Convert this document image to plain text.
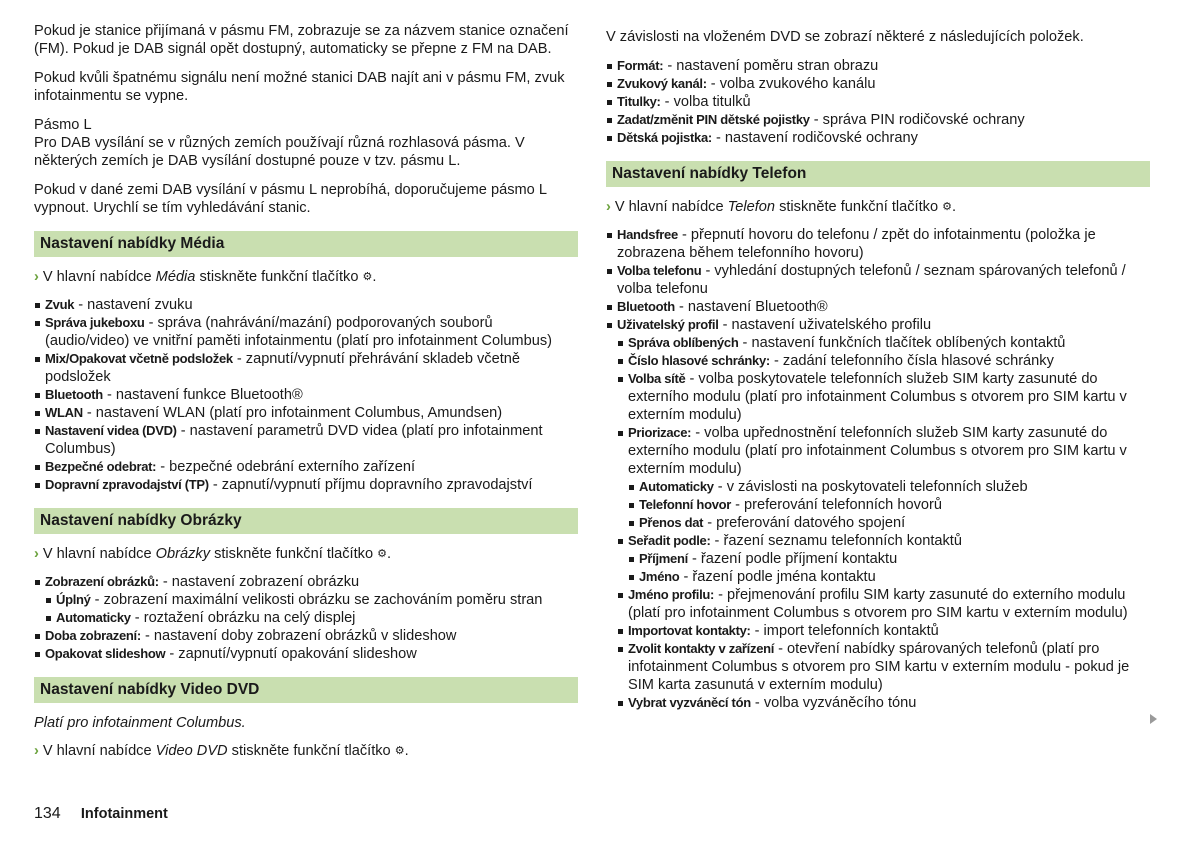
Pokud je stanice přijímaná v pásmu FM, zobrazuje se za názvem stanice označení (FM). Pokud je DAB signál opět dostupný, automaticky se přepne z FM na DAB.

Pokud kvůli špatnému signálu není možné stanici DAB najít ani v pásmu FM, zvuk infotainmentu se vypne.

Pásmo L

Pro DAB vysílání se v různých zemích používají různá rozhlasová pásma. V některých zemích je DAB vysílání dostupné pouze v tzv. pásmu L.

Pokud v dané zemi DAB vysílání v pásmu L neprobíhá, doporučujeme pásmo L vypnout. Urychlí se tím vyhledávání stanic.

Nastavení nabídky Média

› V hlavní nabídce Média stiskněte funkční tlačítko ⚙.

Zvuk - nastavení zvuku
Správa jukeboxu - správa (nahrávání/mazání) podporovaných souborů (audio/video) ve vnitřní paměti infotainmentu (platí pro infotainment Columbus)
Mix/Opakovat včetně podsložek - zapnutí/vypnutí přehrávání skladeb včetně podsložek
Bluetooth - nastavení funkce Bluetooth®
WLAN - nastavení WLAN (platí pro infotainment Columbus, Amundsen)
Nastavení videa (DVD) - nastavení parametrů DVD videa (platí pro infotainment Columbus)
Bezpečné odebrat: - bezpečné odebrání externího zařízení
Dopravní zpravodajství (TP) - zapnutí/vypnutí příjmu dopravního zpravodajství
Nastavení nabídky Obrázky

› V hlavní nabídce Obrázky stiskněte funkční tlačítko ⚙.

Zobrazení obrázků: - nastavení zobrazení obrázku
Úplný - zobrazení maximální velikosti obrázku se zachováním poměru stran
Automaticky - roztažení obrázku na celý displej
Doba zobrazení: - nastavení doby zobrazení obrázků v slideshow
Opakovat slideshow - zapnutí/vypnutí opakování slideshow
Nastavení nabídky Video DVD

Platí pro infotainment Columbus.

› V hlavní nabídce Video DVD stiskněte funkční tlačítko ⚙.

V závislosti na vloženém DVD se zobrazí některé z následujících položek.

Formát: - nastavení poměru stran obrazu
Zvukový kanál: - volba zvukového kanálu
Titulky: - volba titulků
Zadat/změnit PIN dětské pojistky - správa PIN rodičovské ochrany
Dětská pojistka: - nastavení rodičovské ochrany
Nastavení nabídky Telefon

› V hlavní nabídce Telefon stiskněte funkční tlačítko ⚙.

Handsfree - přepnutí hovoru do telefonu / zpět do infotainmentu (položka je zobrazena během telefonního hovoru)
Volba telefonu - vyhledání dostupných telefonů / seznam spárovaných telefonů / volba telefonu
Bluetooth - nastavení Bluetooth®
Uživatelský profil - nastavení uživatelského profilu
Správa oblíbených - nastavení funkčních tlačítek oblíbených kontaktů
Číslo hlasové schránky: - zadání telefonního čísla hlasové schránky
Volba sítě - volba poskytovatele telefonních služeb SIM karty zasunuté do externího modulu (platí pro infotainment Columbus s otvorem pro SIM kartu v externím modulu)
Priorizace: - volba upřednostnění telefonních služeb SIM karty zasunuté do externího modulu (platí pro infotainment Columbus s otvorem pro SIM kartu v externím modulu)
Automaticky - v závislosti na poskytovateli telefonních služeb
Telefonní hovor - preferování telefonních hovorů
Přenos dat - preferování datového spojení
Seřadit podle: - řazení seznamu telefonních kontaktů
Příjmení - řazení podle příjmení kontaktu
Jméno - řazení podle jména kontaktu
Jméno profilu: - přejmenování profilu SIM karty zasunuté do externího modulu (platí pro infotainment Columbus s otvorem pro SIM kartu v externím modulu)
Importovat kontakty: - import telefonních kontaktů
Zvolit kontakty v zařízení - otevření nabídky spárovaných telefonů (platí pro infotainment Columbus s otvorem pro SIM kartu v externím modulu - pokud je SIM karta zasunutá v externím modulu)
Vybrat vyzváněcí tón - volba vyzváněcího tónu
134 Infotainment
